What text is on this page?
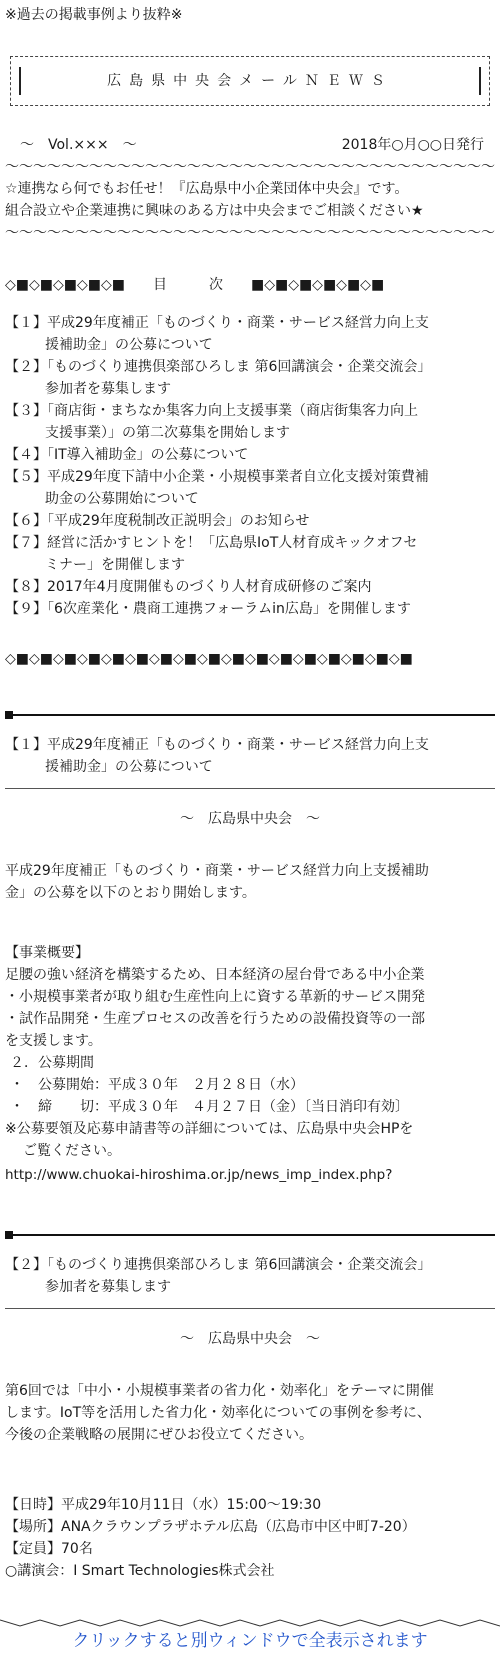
※過去の掲載事例より抜粋※
広島県中央会メールＮＥＷＳ
～　Vol.×××　～	2018年○月○○日発行
～～～～～～～～～～～～～～～～～～～～～～～～～～～～～～～～～～～
☆連携なら何でもお任せ！『広島県中小企業団体中央会』です。
組合設立や企業連携に興味のある方は中央会までご相談ください★
～～～～～～～～～～～～～～～～～～～～～～～～～～～～～～～～～～～
◇■◇■◇■◇■◇■　　目　　　次　　■◇■◇■◇■◇■◇■
【１】平成29年度補正「ものづくり・商業・サービス経営力向上支
援補助金」の公募について
【２】「ものづくり連携倶楽部ひろしま 第6回講演会・企業交流会」
参加者を募集します
【３】「商店街・まちなか集客力向上支援事業（商店街集客力向上
支援事業）」の第二次募集を開始します
【４】「IT導入補助金」の公募について
【５】平成29年度下請中小企業・小規模事業者自立化支援対策費補
助金の公募開始について
【６】「平成29年度税制改正説明会」のお知らせ
【７】経営に活かすヒントを！「広島県IoT人材育成キックオフセ
ミナー」を開催します
【８】2017年4月度開催ものづくり人材育成研修のご案内
【９】「6次産業化・農商工連携フォーラムin広島」を開催します
◇■◇■◇■◇■◇■◇■◇■◇■◇■◇■◇■◇■◇■◇■◇■◇■◇■
【１】平成29年度補正「ものづくり・商業・サービス経営力向上支
援補助金」の公募について
～　広島県中央会　～
平成29年度補正「ものづくり・商業・サービス経営力向上支援補助
金」の公募を以下のとおり開始します。
【事業概要】
足腰の強い経済を構築するため、日本経済の屋台骨である中小企業
・小規模事業者が取り組む生産性向上に資する革新的サービス開発
・試作品開発・生産プロセスの改善を行うための設備投資等の一部
を支援します。
２．公募期間
・　公募開始：平成３０年　２月２８日（水）
・　締　　切：平成３０年　４月２７日（金）〔当日消印有効〕
※公募要領及応募申請書等の詳細については、広島県中央会HPを
ご覧ください。
http://www.chuokai-hiroshima.or.jp/news_imp_index.php?
【２】「ものづくり連携倶楽部ひろしま 第6回講演会・企業交流会」
参加者を募集します
～　広島県中央会　～
第6回では「中小・小規模事業者の省力化・効率化」をテーマに開催
します。IoT等を活用した省力化・効率化についての事例を参考に、
今後の企業戦略の展開にぜひお役立てください。
【日時】平成29年10月11日（水）15:00～19:30
【場所】ANAクラウンプラザホテル広島（広島市中区中町7-20）
【定員】70名
○講演会：I Smart Technologies株式会社
クリックすると別ウィンドウで全表示されます
